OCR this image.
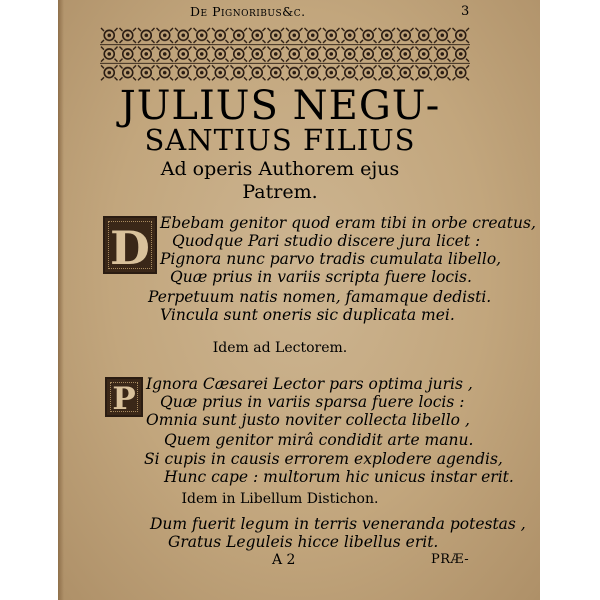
De Pignoribus&c.	3
JULIUS NEGU-
SANTIUS FILIUS
Ad operis Authorem ejus
Patrem.
D Ebebam genitor quod eram tibi in orbe creatus,
Quodque Pari studio discere jura licet :
Pignora nunc parvo tradis cumulata libello,
Quæ prius in variis scripta fuere locis.
Perpetuum natis nomen, famamque dedisti.
Vincula sunt oneris sic duplicata mei.
Idem ad Lectorem.
P Ignora Cæsarei Lector pars optima juris ,
Quæ prius in variis sparsa fuere locis :
Omnia sunt justo noviter collecta libello ,
Quem genitor mirâ condidit arte manu.
Si cupis in causis errorem explodere agendis,
Hunc cape : multorum hic unicus instar erit.
Idem in Libellum Distichon.
Dum fuerit legum in terris veneranda potestas ,
Gratus Leguleis hicce libellus erit.
A 2	PRÆ-
